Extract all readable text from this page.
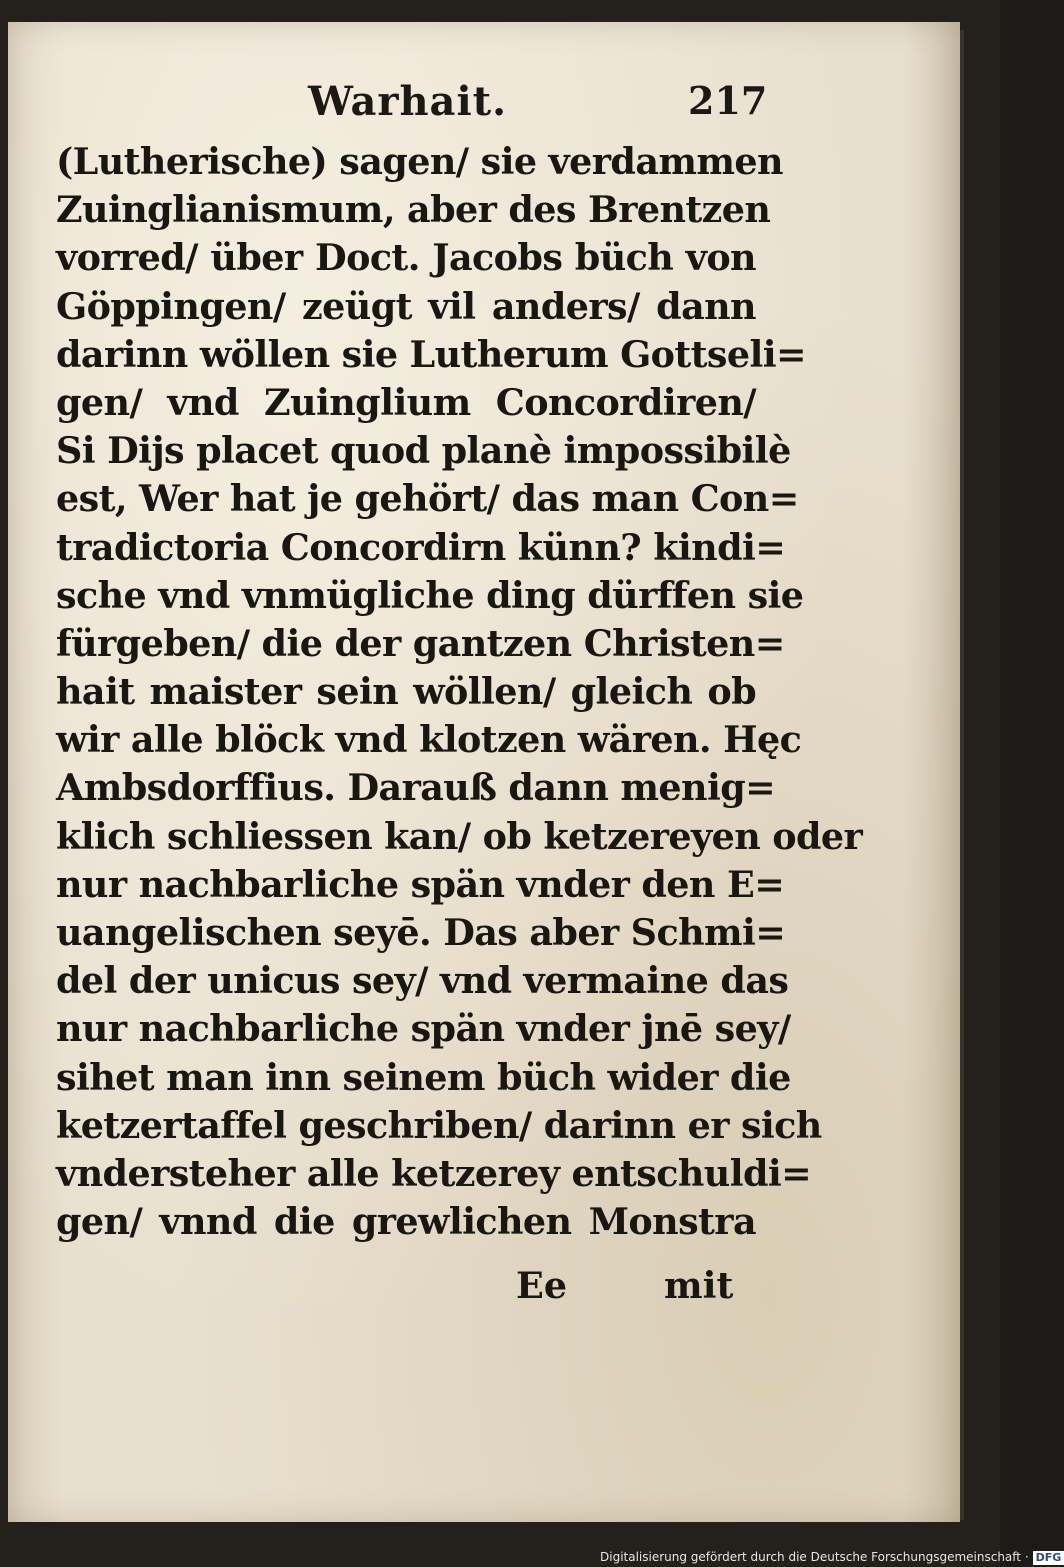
Warhait.	217
(Lutherische) sagen/ sie verdammen
Zuinglianismum, aber des Brentzen
vorred/ über Doct. Jacobs büch von
Göppingen/ zeügt vil anders/ dann
darinn wöllen sie Lutherum Gottseli=
gen/ vnd Zuinglium Concordiren/
Si Dijs placet quod planè impossibilè
est, Wer hat je gehört/ das man Con=
tradictoria Concordirn künn? kindi=
sche vnd vnmügliche ding dürffen sie
fürgeben/ die der gantzen Christen=
hait maister sein wöllen/ gleich ob
wir alle blöck vnd klotzen wären. Hęc
Ambsdorffius. Darauß dann menig=
klich schliessen kan/ ob ketzereyen oder
nur nachbarliche spän vnder den E=
uangelischen seyē. Das aber Schmi=
del der unicus sey/ vnd vermaine das
nur nachbarliche spän vnder jnē sey/
sihet man inn seinem büch wider die
ketzertaffel geschriben/ darinn er sich
vndersteher alle ketzerey entschuldi=
gen/ vnnd die grewlichen Monstra
Ee	mit
Digitalisierung gefördert durch die Deutsche Forschungsgemeinschaft · DFG
